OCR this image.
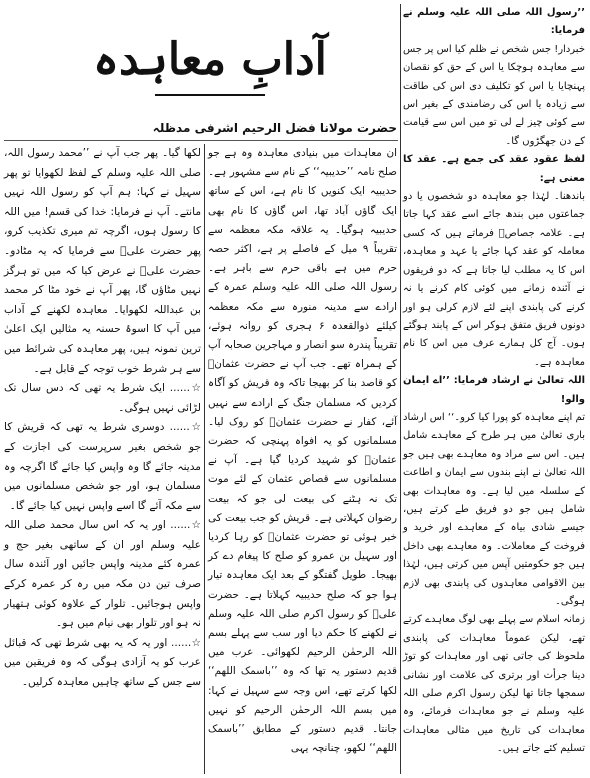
آدابِ معاہدہ
حضرت مولانا فضل الرحیم اشرفی مدظلہ

’’رسول اللہ صلی اللہ علیہ وسلم نے فرمایا:

خبردار! جس شخص نے ظلم کیا اس پر جس سے معاہدہ ہوچکا یا اس کے حق کو نقصان پہنچایا یا اس کو تکلیف دی اس کی طاقت سے زیادہ یا اس کی رضامندی کے بغیر اس سے کوئی چیز لے لی تو میں اس سے قیامت کے دن جھگڑوں گا۔

لفظ عقود عقد کی جمع ہے۔ عقد کا معنی ہے:

باندھنا۔ لہٰذا جو معاہدہ دو شخصوں یا دو جماعتوں میں بندھ جائے اسے عقد کہا جاتا ہے۔ علامہ جصاصؒ فرماتے ہیں کہ کسی معاملہ کو عقد کہا جائے یا عہد و معاہدہ، اس کا یہ مطلب لیا جاتا ہے کہ دو فریقوں نے آئندہ زمانے میں کوئی کام کرنے یا نہ کرنے کی پابندی اپنے لئے لازم کرلی ہو اور دونوں فریق متفق ہوکر اس کے پابند ہوگئے ہوں۔ آج کل ہمارے عرف میں اس کا نام معاہدہ ہے۔

اللہ تعالیٰ نے ارشاد فرمایا: ’’اے ایمان والو!

تم اپنے معاہدہ کو پورا کیا کرو۔‘‘ اس ارشاد باری تعالیٰ میں ہر طرح کے معاہدے شامل ہیں۔ اس سے مراد وہ معاہدے بھی ہیں جو اللہ تعالیٰ نے اپنے بندوں سے ایمان و اطاعت کے سلسلہ میں لیا ہے۔ وہ معاہدات بھی شامل ہیں جو دو فریق طے کرتے ہیں، جیسے شادی بیاہ کے معاہدے اور خرید و فروخت کے معاملات۔ وہ معاہدے بھی داخل ہیں جو حکومتیں آپس میں کرتی ہیں، لہٰذا بین الاقوامی معاہدوں کی پابندی بھی لازم ہوگی۔

زمانہ اسلام سے پہلے بھی لوگ معاہدے کرتے تھے، لیکن عموماً معاہدات کی پابندی ملحوظ کی جاتی تھی اور معاہدات کو توڑ دینا جرأت اور برتری کی علامت اور نشانی سمجھا جاتا تھا لیکن رسول اکرم صلی اللہ علیہ وسلم نے جو معاہدات فرمائے، وہ معاہدات کی تاریخ میں مثالی معاہدات تسلیم کئے جاتے ہیں۔

ان معاہدات میں بنیادی معاہدہ وہ ہے جو صلح نامہ ’’حدیبیہ‘‘ کے نام سے مشہور ہے۔ حدیبیہ ایک کنویں کا نام ہے، اس کے ساتھ ایک گاؤں آباد تھا، اس گاؤں کا نام بھی حدیبیہ ہوگیا۔ یہ علاقہ مکہ معظمہ سے تقریباً ۹ میل کے فاصلے پر ہے، اکثر حصہ حرم میں ہے باقی حرم سے باہر ہے۔ رسول اللہ صلی اللہ علیہ وسلم عمرہ کے ارادے سے مدینہ منورہ سے مکہ معظمہ کیلئے ذوالقعدہ ۶ ہجری کو روانہ ہوئے، تقریباً پندرہ سو انصار و مہاجرین صحابہ آپ کے ہمراہ تھے۔ جب آپ نے حضرت عثمانؓ کو قاصد بنا کر بھیجا تاکہ وہ قریش کو آگاہ کردیں کہ مسلمان جنگ کے ارادے سے نہیں آئے، کفار نے حضرت عثمانؓ کو روک لیا۔ مسلمانوں کو یہ افواہ پہنچی کہ حضرت عثمانؓ کو شہید کردیا گیا ہے۔ آپ نے مسلمانوں سے قصاص عثمان کے لئے موت تک نہ ہٹنے کی بیعت لی جو کہ بیعت رضوان کہلاتی ہے۔ قریش کو جب بیعت کی خبر ہوئی تو حضرت عثمانؓ کو رہا کردیا اور سہیل بن عمرو کو صلح کا پیغام دے کر بھیجا۔ طویل گفتگو کے بعد ایک معاہدہ تیار ہوا جو کہ صلح حدیبیہ کہلاتا ہے۔ حضرت علیؓ کو رسول اکرم صلی اللہ علیہ وسلم نے لکھنے کا حکم دیا اور سب سے پہلے بسم اللہ الرحمٰن الرحیم لکھوائی۔ عرب میں قدیم دستور یہ تھا کہ وہ ’’باسمک اللھم‘‘ لکھا کرتے تھے، اس وجہ سے سہیل نے کہا: میں بسم اللہ الرحمٰن الرحیم کو نہیں جانتا۔ قدیم دستور کے مطابق ’’باسمک اللھم‘‘ لکھو، چنانچہ یہی

لکھا گیا۔ پھر جب آپ نے ’’محمد رسول اللہ، صلی اللہ علیہ وسلم کے لفظ لکھوایا تو پھر سہیل نے کہا: ہم آپ کو رسول اللہ نہیں مانتے۔ آپ نے فرمایا: خدا کی قسم! میں اللہ کا رسول ہوں، اگرچہ تم میری تکذیب کرو، پھر حضرت علیؓ سے فرمایا کہ یہ مٹادو۔ حضرت علیؓ نے عرض کیا کہ میں تو ہرگز نہیں مٹاؤں گا، پھر آپ نے خود مٹا کر محمد بن عبداللہ لکھوایا۔ معاہدہ لکھنے کے آداب میں آپ کا اسوۂ حسنہ یہ مثالیں ایک اعلیٰ ترین نمونہ ہیں، پھر معاہدہ کی شرائط میں سے ہر شرط خوب توجہ کے قابل ہے۔

☆...... ایک شرط یہ تھی کہ دس سال تک لڑائی نہیں ہوگی۔

☆...... دوسری شرط یہ تھی کہ قریش کا جو شخص بغیر سرپرست کی اجازت کے مدینہ جائے گا وہ واپس کیا جائے گا اگرچہ وہ مسلمان ہو، اور جو شخص مسلمانوں میں سے مکہ آئے گا اسے واپس نہیں کیا جائے گا۔

☆...... اور یہ کہ اس سال محمد صلی اللہ علیہ وسلم اور ان کے ساتھی بغیر حج و عمرہ کئے مدینہ واپس جائیں اور آئندہ سال صرف تین دن مکہ میں رہ کر عمرہ کرکے واپس ہوجائیں۔ تلوار کے علاوہ کوئی ہتھیار نہ ہو اور تلوار بھی نیام میں ہو۔

☆...... اور یہ کہ یہ بھی شرط تھی کہ قبائل عرب کو یہ آزادی ہوگی کہ وہ فریقین میں سے جس کے ساتھ چاہیں معاہدہ کرلیں۔
